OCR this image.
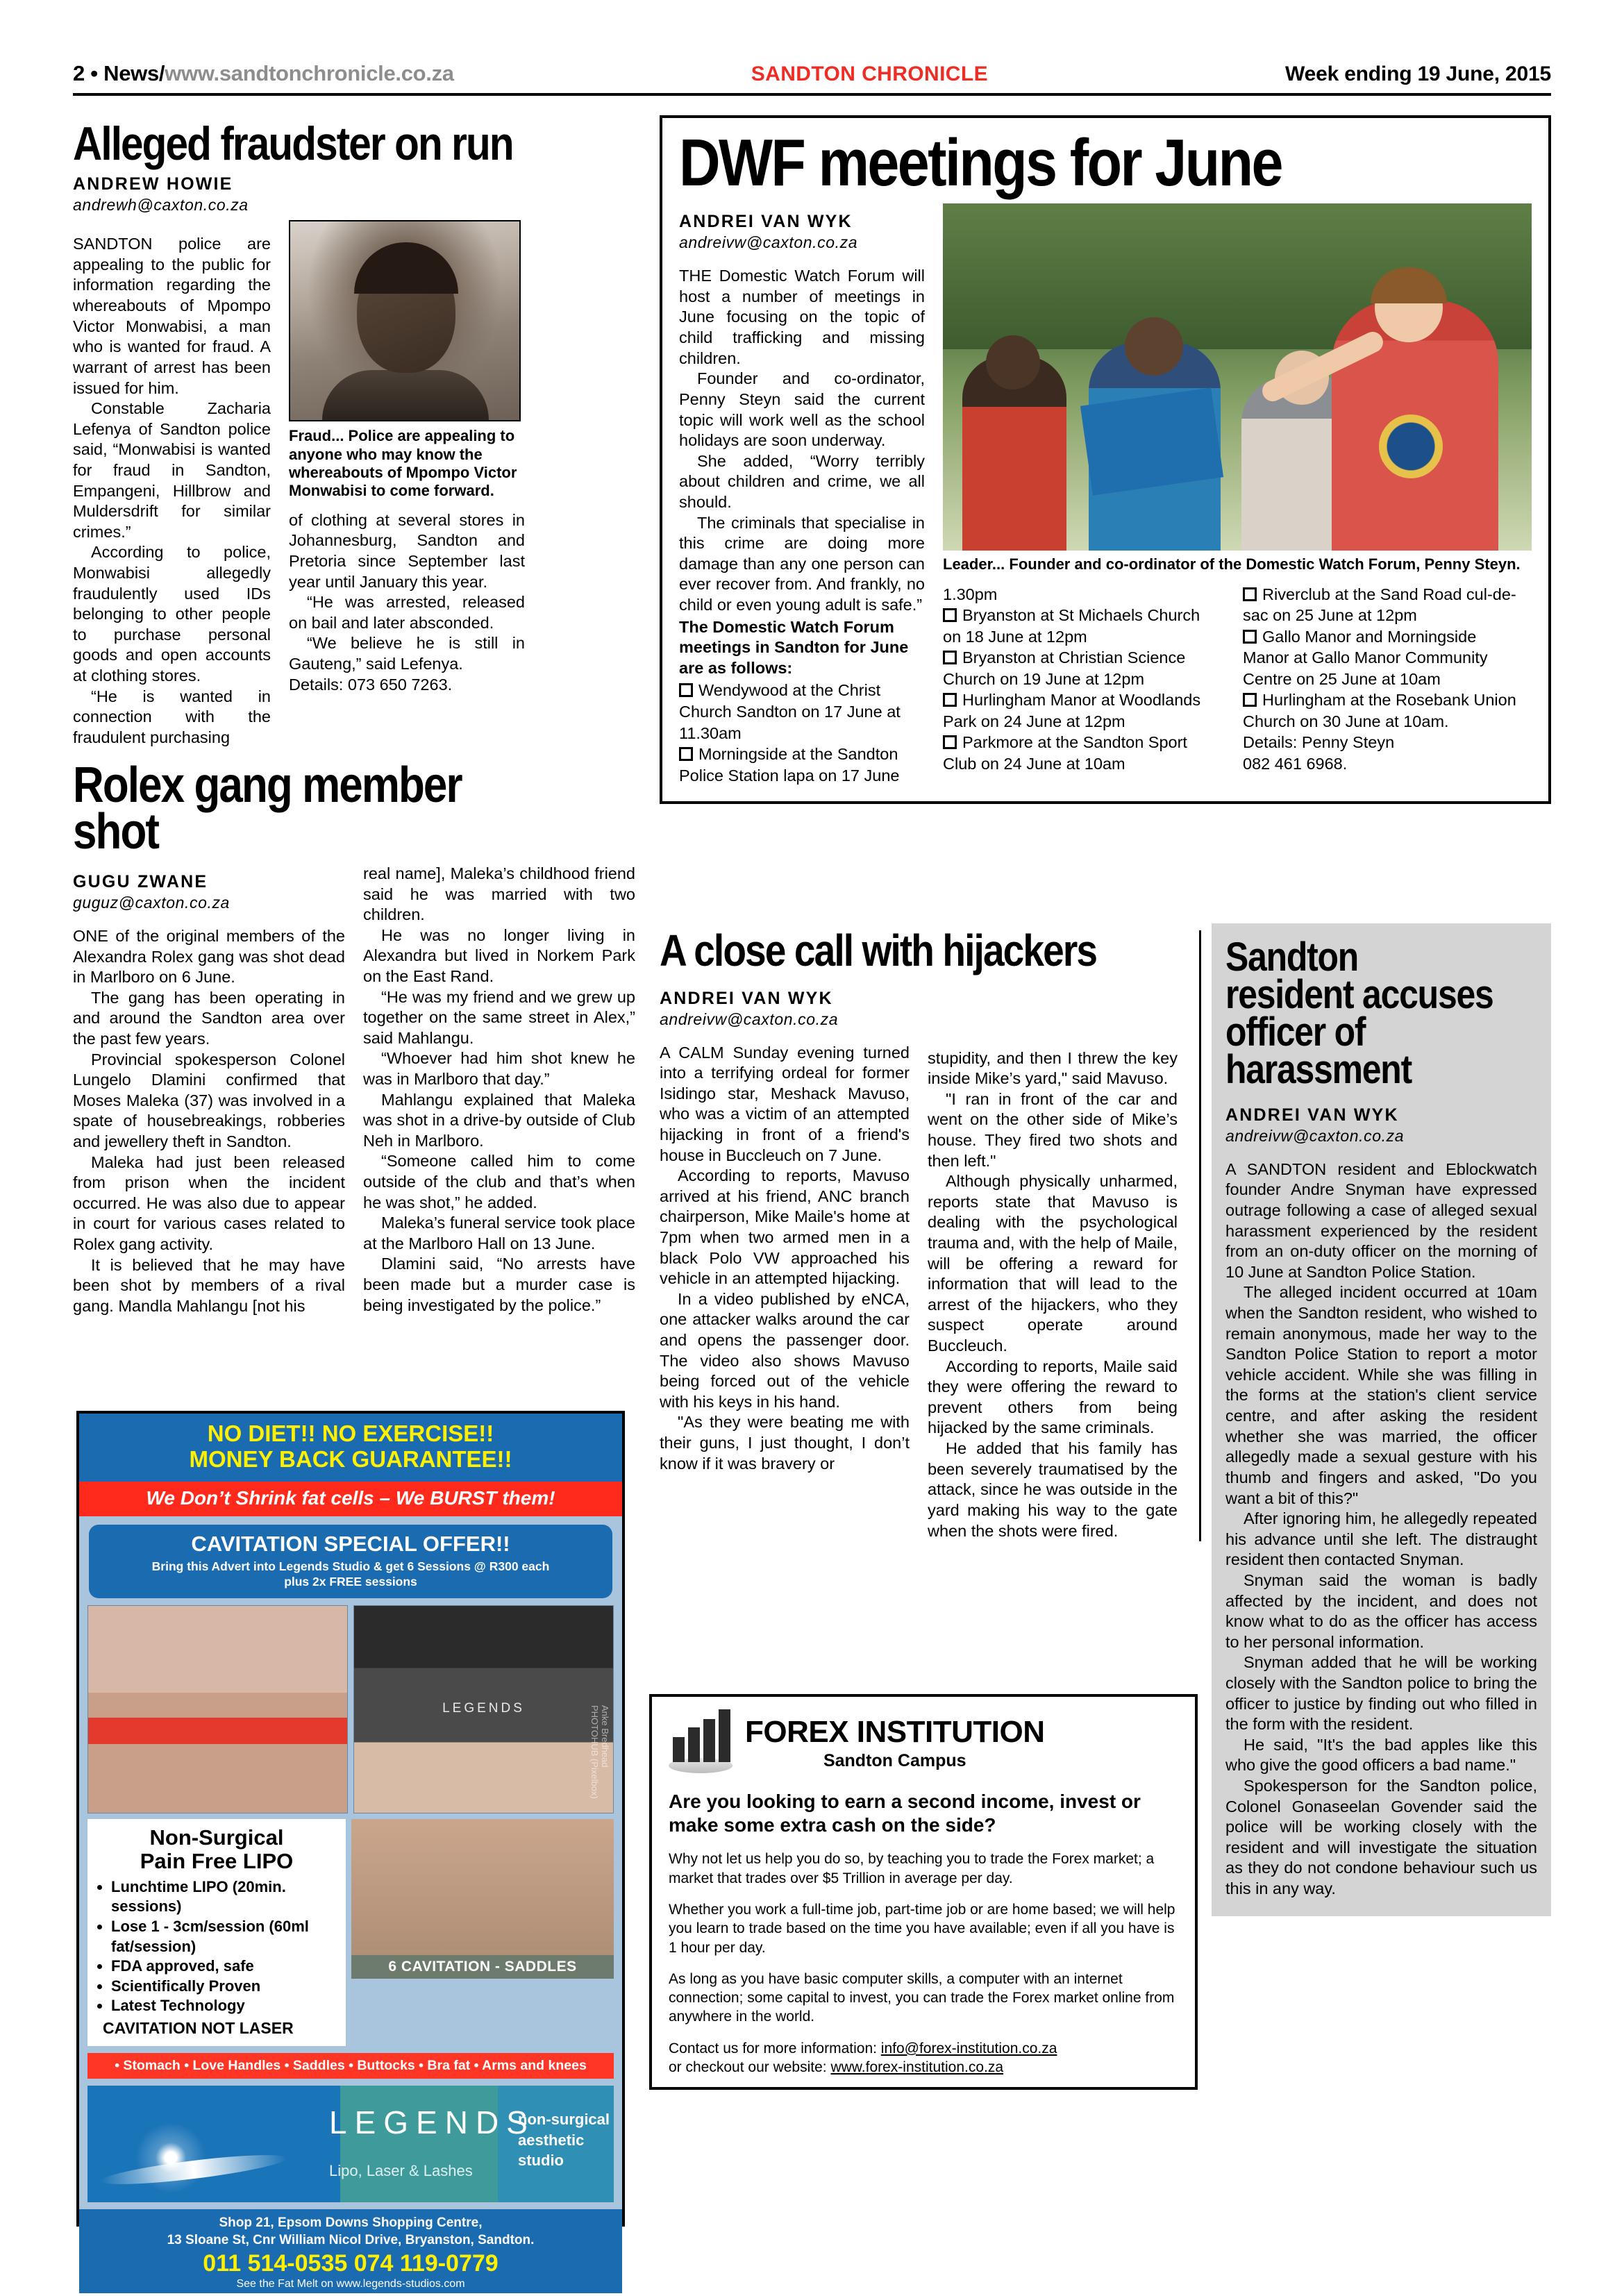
2 • News/www.sandtonchronicle.co.za	SANDTON CHRONICLE	Week ending 19 June, 2015
Alleged fraudster on run
ANDREW HOWIE
andrewh@caxton.co.za

SANDTON police are appealing to the public for information regarding the whereabouts of Mpompo Victor Monwabisi, a man who is wanted for fraud. A warrant of arrest has been issued for him.

Constable Zacharia Lefenya of Sandton police said, “Monwabisi is wanted for fraud in Sandton, Empangeni, Hillbrow and Muldersdrift for similar crimes.”

According to police, Monwabisi allegedly fraudulently used IDs belonging to other people to purchase personal goods and open accounts at clothing stores.

“He is wanted in connection with the fraudulent purchasing

Fraud... Police are appealing to anyone who may know the whereabouts of Mpompo Victor Monwabisi to come forward.

of clothing at several stores in Johannesburg, Sandton and Pretoria since September last year until January this year.

“He was arrested, released on bail and later absconded.

“We believe he is still in Gauteng,” said Lefenya.

Details: 073 650 7263.

DWF meetings for June
ANDREI VAN WYK
andreivw@caxton.co.za

THE Domestic Watch Forum will host a number of meetings in June focusing on the topic of child trafficking and missing children.

Founder and co-ordinator, Penny Steyn said the current topic will work well as the school holidays are soon underway.

She added, “Worry terribly about children and crime, we all should.

The criminals that specialise in this crime are doing more damage than any one person can ever recover from. And frankly, no child or even young adult is safe.”

The Domestic Watch Forum meetings in Sandton for June are as follows:
Wendywood at the Christ Church Sandton on 17 June at 11.30am
Morningside at the Sandton Police Station lapa on 17 June
Leader... Founder and co-ordinator of the Domestic Watch Forum, Penny Steyn.
1.30pm
Bryanston at St Michaels Church on 18 June at 12pm
Bryanston at Christian Science Church on 19 June at 12pm
Hurlingham Manor at Woodlands Park on 24 June at 12pm
Parkmore at the Sandton Sport Club on 24 June at 10am
Riverclub at the Sand Road cul-de-sac on 25 June at 12pm
Gallo Manor and Morningside Manor at Gallo Manor Community Centre on 25 June at 10am
Hurlingham at the Rosebank Union Church on 30 June at 10am.
Details: Penny Steyn
082 461 6968.
Rolex gang member shot
GUGU ZWANE
guguz@caxton.co.za

ONE of the original members of the Alexandra Rolex gang was shot dead in Marlboro on 6 June.

The gang has been operating in and around the Sandton area over the past few years.

Provincial spokesperson Colonel Lungelo Dlamini confirmed that Moses Maleka (37) was involved in a spate of housebreakings, robberies and jewellery theft in Sandton.

Maleka had just been released from prison when the incident occurred. He was also due to appear in court for various cases related to Rolex gang activity.

It is believed that he may have been shot by members of a rival gang. Mandla Mahlangu [not his

real name], Maleka’s childhood friend said he was married with two children.

He was no longer living in Alexandra but lived in Norkem Park on the East Rand.

“He was my friend and we grew up together on the same street in Alex,” said Mahlangu.

“Whoever had him shot knew he was in Marlboro that day.”

Mahlangu explained that Maleka was shot in a drive-by outside of Club Neh in Marlboro.

“Someone called him to come outside of the club and that’s when he was shot,” he added.

Maleka’s funeral service took place at the Marlboro Hall on 13 June.

Dlamini said, “No arrests have been made but a murder case is being investigated by the police.”

A close call with hijackers
ANDREI VAN WYK
andreivw@caxton.co.za

A CALM Sunday evening turned into a terrifying ordeal for former Isidingo star, Meshack Mavuso, who was a victim of an attempted hijacking in front of a friend's house in Buccleuch on 7 June.

According to reports, Mavuso arrived at his friend, ANC branch chairperson, Mike Maile's home at 7pm when two armed men in a black Polo VW approached his vehicle in an attempted hijacking.

In a video published by eNCA, one attacker walks around the car and opens the passenger door. The video also shows Mavuso being forced out of the vehicle with his keys in his hand.

"As they were beating me with their guns, I just thought, I don’t know if it was bravery or

stupidity, and then I threw the key inside Mike’s yard," said Mavuso.

"I ran in front of the car and went on the other side of Mike’s house. They fired two shots and then left."

Although physically unharmed, reports state that Mavuso is dealing with the psychological trauma and, with the help of Maile, will be offering a reward for information that will lead to the arrest of the hijackers, who they suspect operate around Buccleuch.

According to reports, Maile said they were offering the reward to prevent others from being hijacked by the same criminals.

He added that his family has been severely traumatised by the attack, since he was outside in the yard making his way to the gate when the shots were fired.

Sandton resident accuses officer of harassment
ANDREI VAN WYK
andreivw@caxton.co.za

A SANDTON resident and Eblockwatch founder Andre Snyman have expressed outrage following a case of alleged sexual harassment experienced by the resident from an on-duty officer on the morning of 10 June at Sandton Police Station.

The alleged incident occurred at 10am when the Sandton resident, who wished to remain anonymous, made her way to the Sandton Police Station to report a motor vehicle accident. While she was filling in the forms at the station's client service centre, and after asking the resident whether she was married, the officer allegedly made a sexual gesture with his thumb and fingers and asked, "Do you want a bit of this?"

After ignoring him, he allegedly repeated his advance until she left. The distraught resident then contacted Snyman.

Snyman said the woman is badly affected by the incident, and does not know what to do as the officer has access to her personal information.

Snyman added that he will be working closely with the Sandton police to bring the officer to justice by finding out who filled in the form with the resident.

He said, "It's the bad apples like this who give the good officers a bad name."

Spokesperson for the Sandton police, Colonel Gonaseelan Govender said the police will be working closely with the resident and will investigate the situation as they do not condone behaviour such us this in any way.

NO DIET!! NO EXERCISE!!
MONEY BACK GUARANTEE!!
We Don’t Shrink fat cells – We BURST them!
CAVITATION SPECIAL OFFER!!
Bring this Advert into Legends Studio & get 6 Sessions @ R300 each
plus 2x FREE sessions
LEGENDS	Anke Bredhead PHOTOHUB (Pixelbox)
Non-Surgical
Pain Free LIPO
• Lunchtime LIPO (20min. sessions)
• Lose 1 - 3cm/session (60ml fat/session)
• FDA approved, safe
• Scientifically Proven
• Latest Technology
CAVITATION NOT LASER
6 CAVITATION - SADDLES
• Stomach • Love Handles • Saddles • Buttocks • Bra fat • Arms and knees
LEGENDS
Lipo, Laser & Lashes
non-surgical aesthetic studio
Shop 21, Epsom Downs Shopping Centre,
13 Sloane St, Cnr William Nicol Drive, Bryanston, Sandton.
011 514-0535 074 119-0779
See the Fat Melt on www.legends-studios.com
FOREX INSTITUTION
Sandton Campus
Are you looking to earn a second income, invest or make some extra cash on the side?
Why not let us help you do so, by teaching you to trade the Forex market; a market that trades over $5 Trillion in average per day.
Whether you work a full-time job, part-time job or are home based; we will help you learn to trade based on the time you have available; even if all you have is 1 hour per day.
As long as you have basic computer skills, a computer with an internet connection; some capital to invest, you can trade the Forex market online from anywhere in the world.
Contact us for more information: info@forex-institution.co.za
or checkout our website: www.forex-institution.co.za
